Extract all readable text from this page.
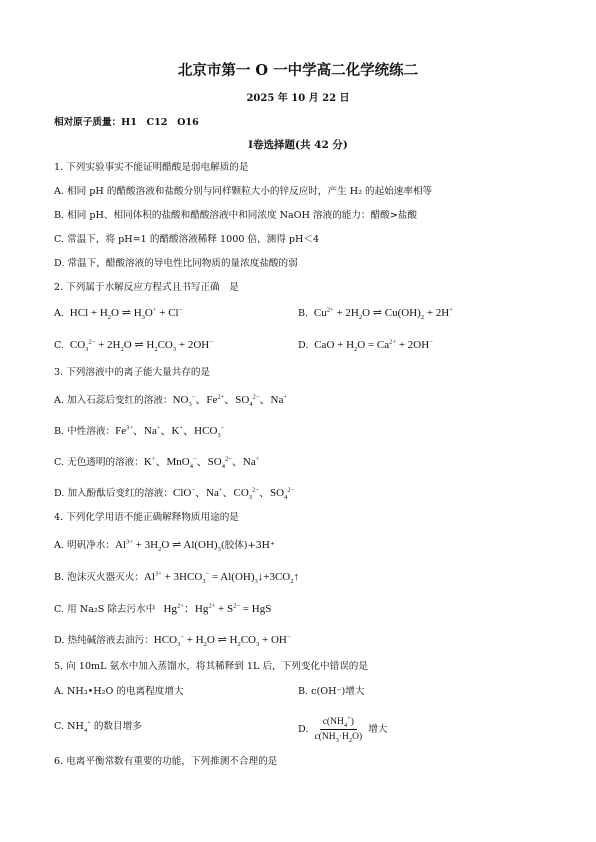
北京市第一 O 一中学高二化学统练二
2025 年 10 月 22 日
相对原子质量：H1　C12　O16
Ⅰ卷选择题(共 42 分)
1. 下列实验事实不能证明醋酸是弱电解质的是
A. 相同 pH 的醋酸溶液和盐酸分别与同样颗粒大小的锌反应时，产生 H₂ 的起始速率相等
B. 相同 pH、相同体积的盐酸和醋酸溶液中和同浓度 NaOH 溶液的能力：醋酸>盐酸
C. 常温下，将 pH=1 的醋酸溶液稀释 1000 倍，测得 pH＜4
D. 常温下，醋酸溶液的导电性比同物质的量浓度盐酸的弱
2. 下列属于水解反应方程式且书写正确　是
A.  HCl + $H_2O$ ⇌ $H_3O^+ + Cl^-$	B.  $Cu^{2+} + 2H_2O$ ⇌ $Cu(OH)_2 + 2H^+$
C.  $CO_3^{2-} + 2H_2O$ ⇌ $H_2CO_3 + 2OH^-$	D.  CaO + $H_2O = Ca^{2+} + 2OH^-$
3. 下列溶液中的离子能大量共存的是
A. 加入石蕊后变红的溶液：$NO_3^-$、$Fe^{2+}$、$SO_4^{2-}$、Na+
B. 中性溶液：$Fe^{3+}$、Na+、K+、$HCO_3^-$
C. 无色透明的溶液：K+、MnO$_4$−、$SO_4^{2-}$、Na+
D. 加入酚酞后变红的溶液：ClO−、Na+、$CO_3^{2-}$、$SO_4^{2-}$
4. 下列化学用语不能正确解释物质用途的是
A. 明矾净水：$Al^{3+} + 3H_2O$ ⇌ $Al(OH)_3$(胶体)+3H⁺
B. 泡沫灭火器灭火：$Al^{3+} + 3HCO_3^-$ = $Al(OH)_3↓+3CO_2↑$
C. 用 Na₂S 除去污水中   $Hg^{2+}$：$Hg^{2+} + S^{2-}$ = HgS
D. 热纯碱溶液去油污：$HCO_3^- + H_2O$ ⇌ $H_2CO_3 + OH^-$
5. 向 10mL 氨水中加入蒸馏水，将其稀释到 1L 后，下列变化中错误的是
A. NH₃•H₂O 的电离程度增大	B. c(OH⁻)增大
C. $NH_4^+$ 的数目增多	D. $\frac{c(NH_4^+)}{c(NH_3\cdot H_2O)}$ 增大
6. 电离平衡常数有重要的功能，下列推测不合理的是
